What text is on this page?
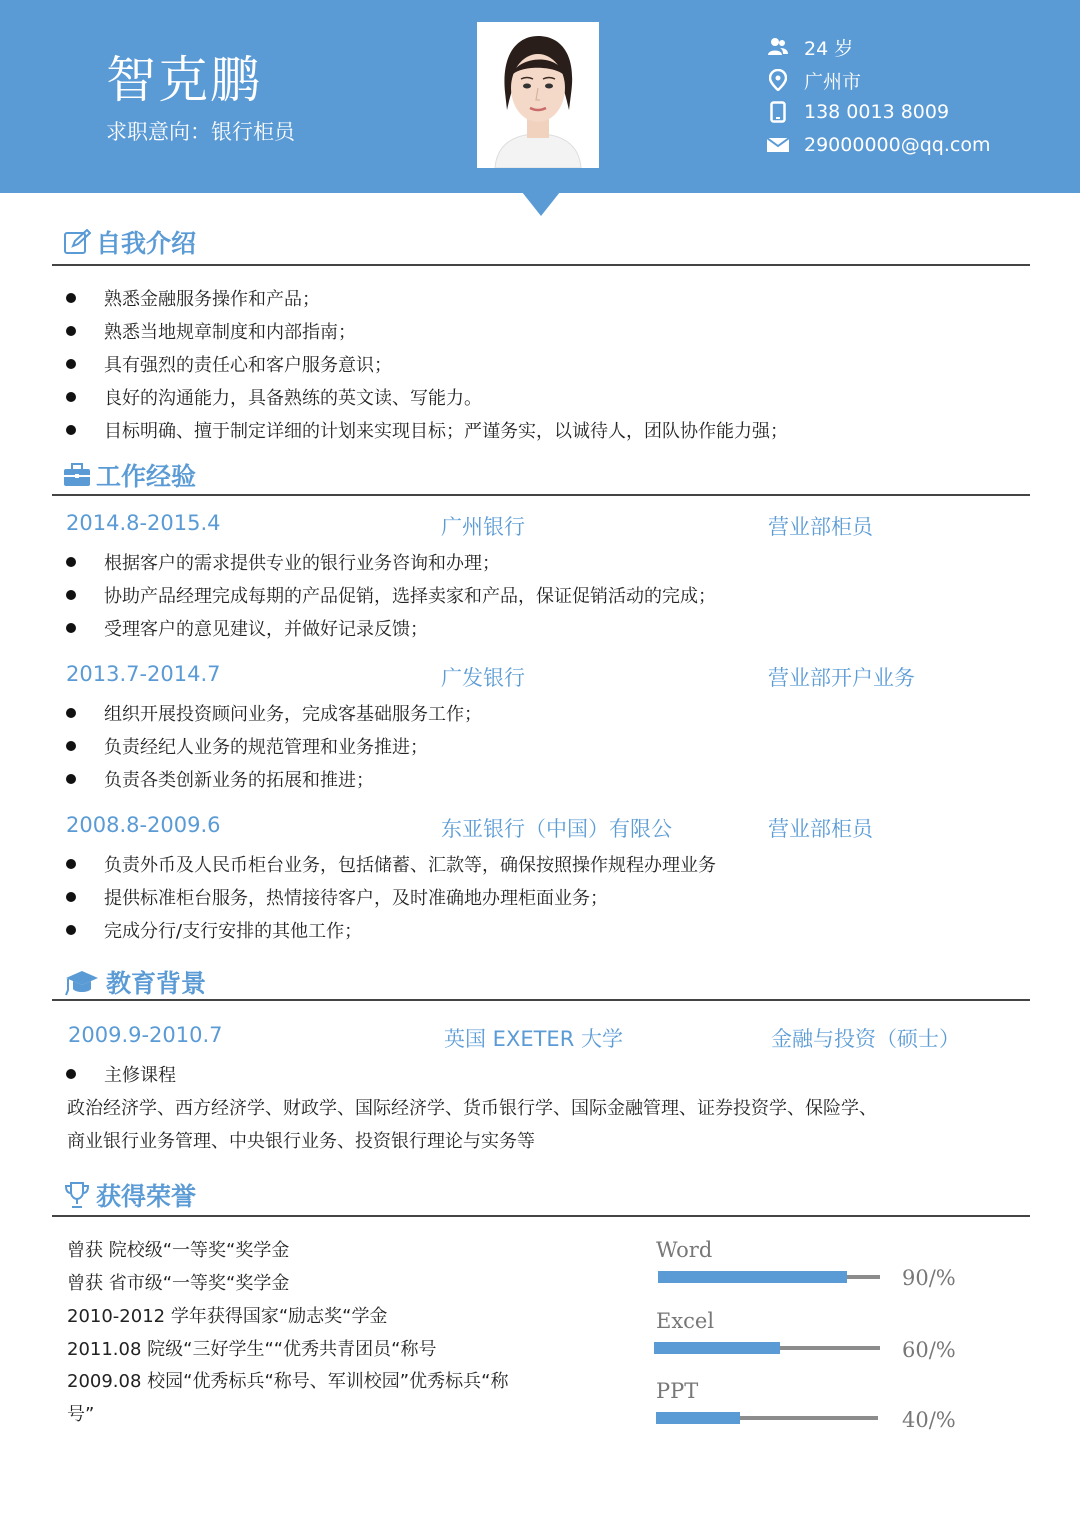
智克鹏
求职意向：银行柜员
24 岁
广州市
138 0013 8009
29000000@qq.com
自我介绍
熟悉金融服务操作和产品；
熟悉当地规章制度和内部指南；
具有强烈的责任心和客户服务意识；
良好的沟通能力，具备熟练的英文读、写能力。
目标明确、擅于制定详细的计划来实现目标；严谨务实，以诚待人，团队协作能力强；
工作经验
2014.8-2015.4	广州银行	营业部柜员
根据客户的需求提供专业的银行业务咨询和办理；
协助产品经理完成每期的产品促销，选择卖家和产品，保证促销活动的完成；
受理客户的意见建议，并做好记录反馈；
2013.7-2014.7	广发银行	营业部开户业务
组织开展投资顾问业务，完成客基础服务工作；
负责经纪人业务的规范管理和业务推进；
负责各类创新业务的拓展和推进；
2008.8-2009.6	东亚银行（中国）有限公	营业部柜员
负责外币及人民币柜台业务，包括储蓄、汇款等，确保按照操作规程办理业务
提供标准柜台服务，热情接待客户，及时准确地办理柜面业务；
完成分行/支行安排的其他工作；
教育背景
2009.9-2010.7	英国 EXETER 大学	金融与投资（硕士）
主修课程
政治经济学、西方经济学、财政学、国际经济学、货币银行学、国际金融管理、证券投资学、保险学、
商业银行业务管理、中央银行业务、投资银行理论与实务等
获得荣誉
曾获 院校级“一等奖“奖学金
曾获 省市级“一等奖“奖学金
2010-2012 学年获得国家“励志奖“学金
2011.08 院级“三好学生““优秀共青团员“称号
2009.08 校园“优秀标兵“称号、军训校园”优秀标兵“称
号”
Word
90/%
Excel
60/%
PPT
40/%
